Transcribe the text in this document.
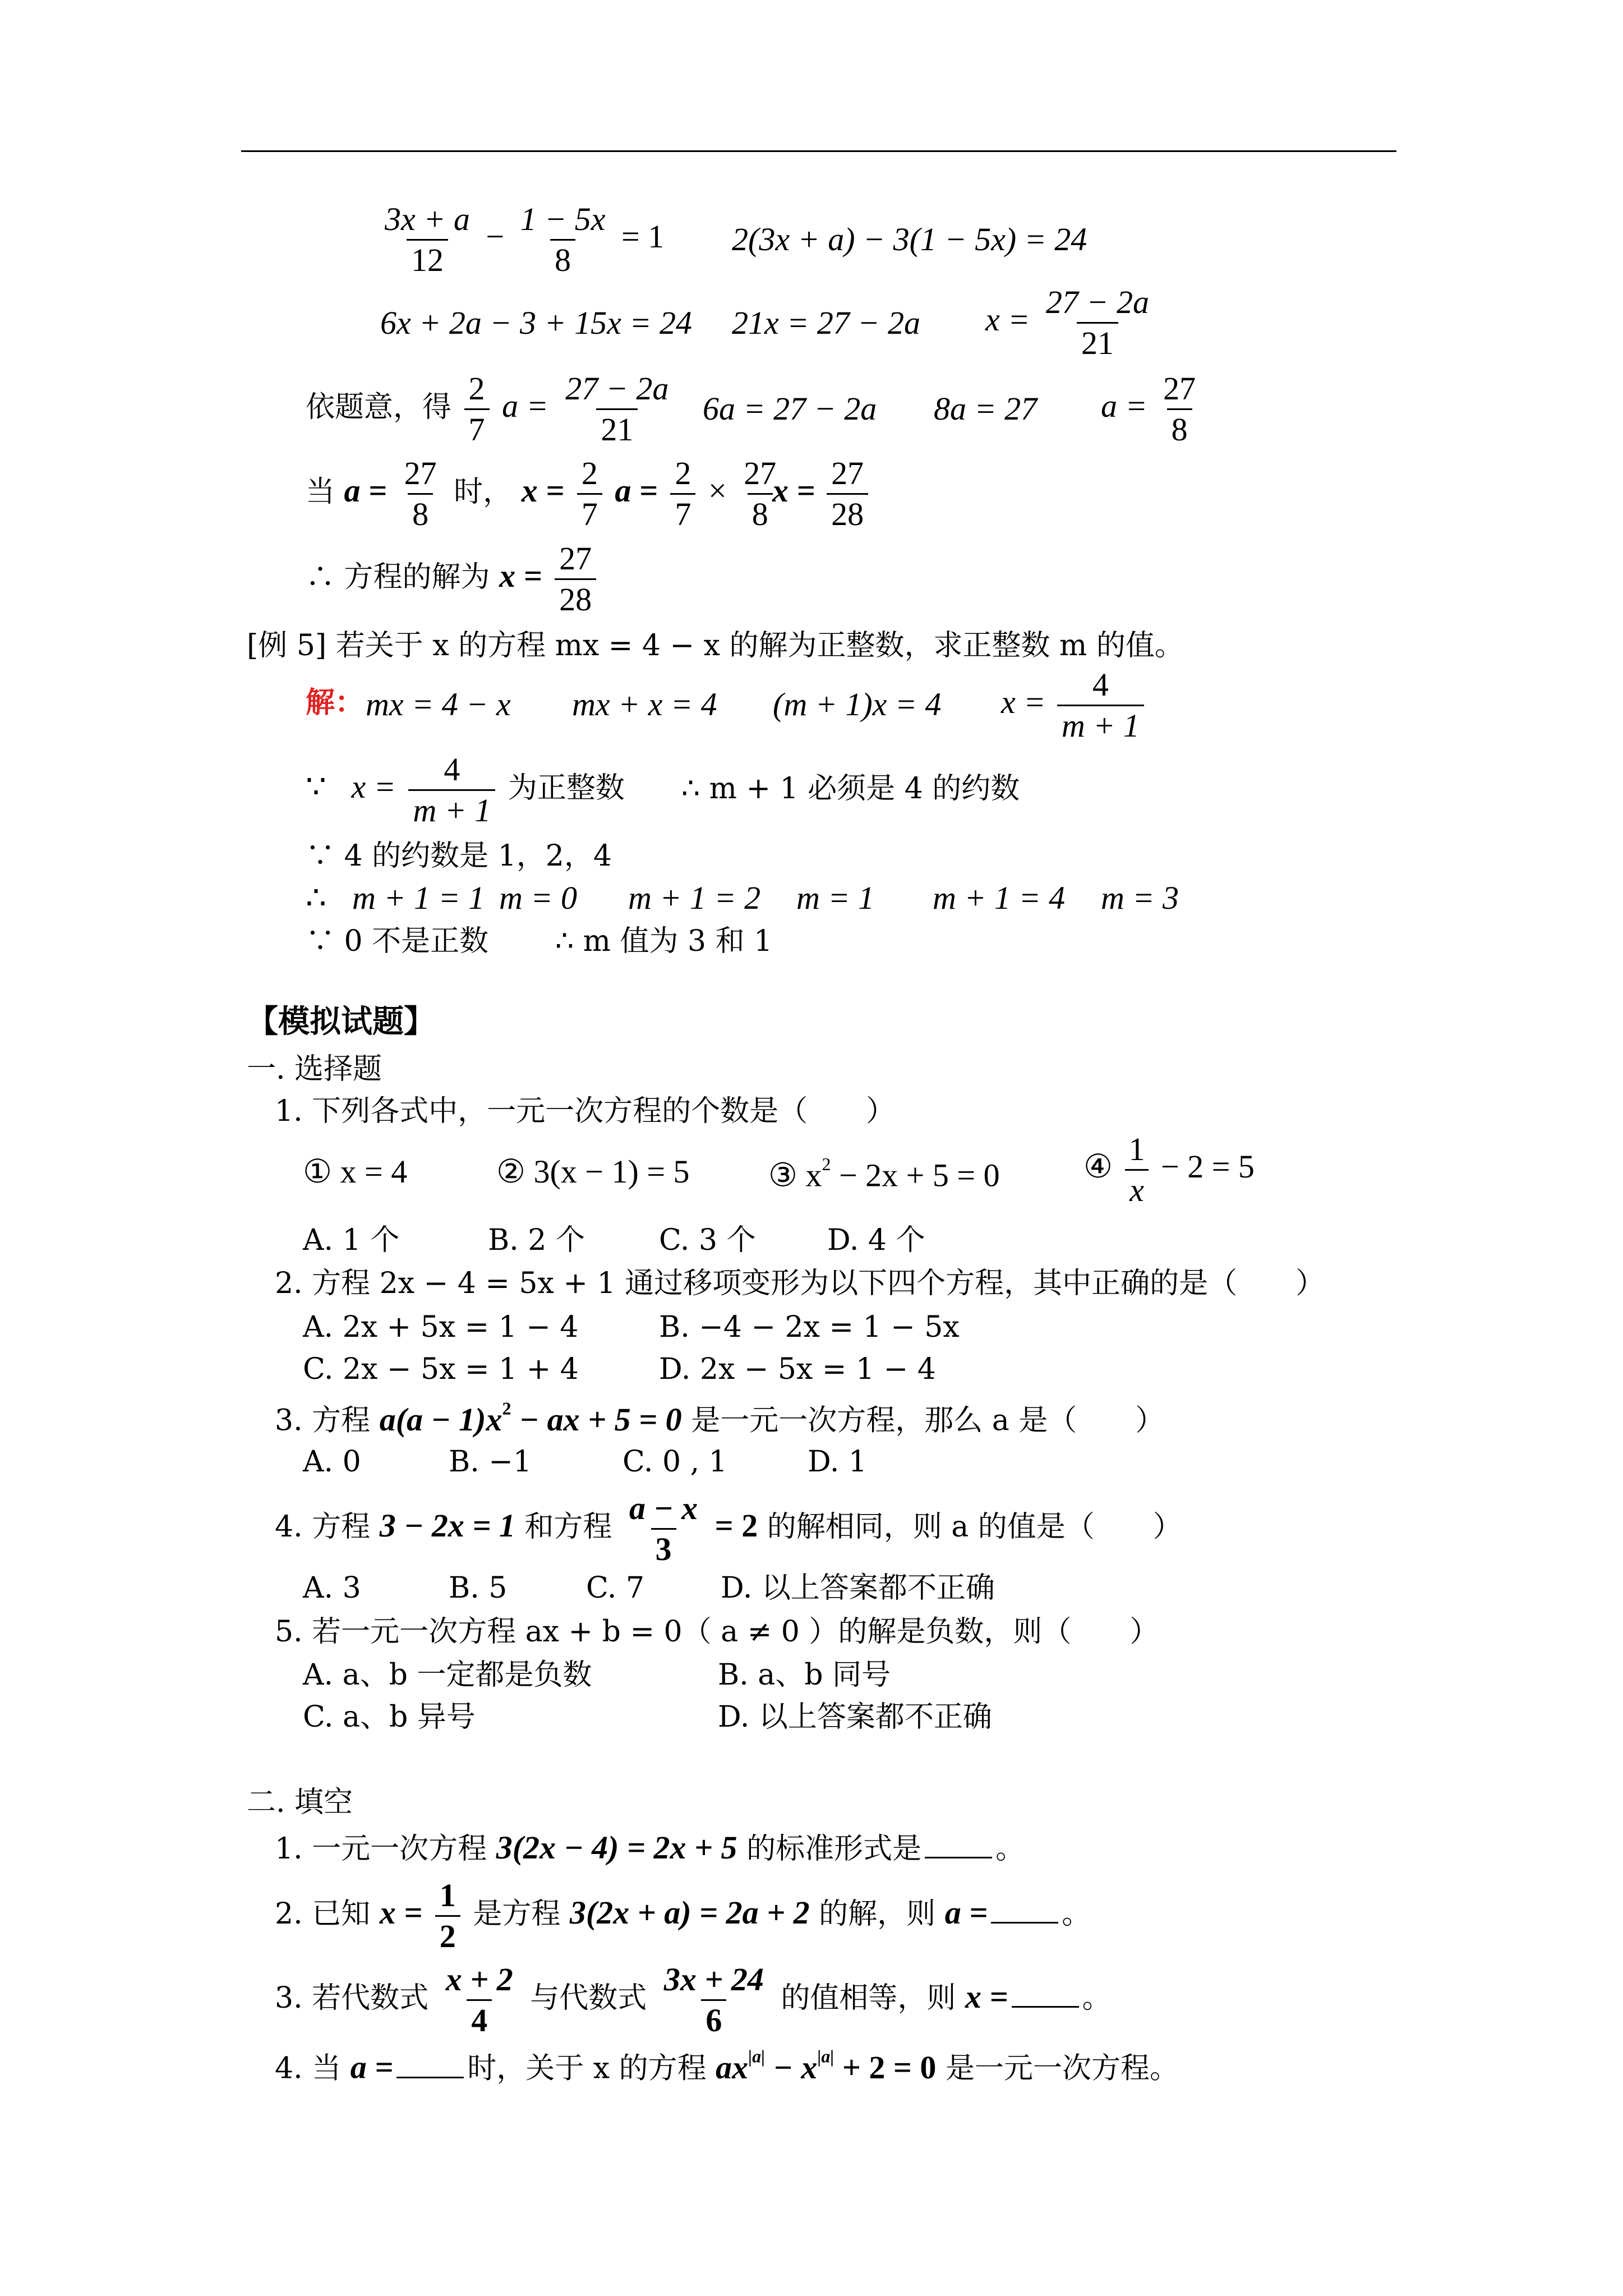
$\frac{3x + a}{12} - \frac{1 - 5x}{8} = 1$ 2(3x + a) − 3(1 − 5x) = 24
6x + 2a − 3 + 15x = 24 21x = 27 − 2a $x = \frac{27 - 2a}{21}$
依题意，得 $\frac{2}{7}$ $a = \frac{27 - 2a}{21} 6a = 27 - 2a$ 8a = 27 $a = \frac{27}{8}$
当 $a = \frac{27}{8}$ 时， $x = \frac{2}{7}$ $a = \frac{2}{7} \times \frac{27}{8}$
$x = \frac{27}{28}$
∴ 方程的解为 $x = \frac{27}{28}$
[例 5] 若关于 x 的方程 mx = 4 − x 的解为正整数，求正整数 m 的值。
解： mx = 4 − x mx + x = 4 (m + 1)x = 4 $x = \frac{4}{m + 1}$
∵ $x = \frac{4}{m + 1}$ 为正整数 ∴ m + 1 必须是 4 的约数
∵ 4 的约数是 1，2，4
∴ m + 1 = 1 m = 0 m + 1 = 2 m = 1 m + 1 = 4 m = 3
∵ 0 不是正数 ∴ m 值为 3 和 1
【模拟试题】
一. 选择题
1. 下列各式中，一元一次方程的个数是（　　）
① x = 4	② 3(x − 1) = 5 ③ $x^2 - 2x + 5 = 0$	④ $\frac{1}{x} - 2 = 5$
A. 1 个	B. 2 个	C. 3 个 D. 4 个
2. 方程 2x − 4 = 5x + 1 通过移项变形为以下四个方程，其中正确的是（　　）
A. 2x + 5x = 1 − 4	B. −4 − 2x = 1 − 5x
C. 2x − 5x = 1 + 4	D. 2x − 5x = 1 − 4
3. 方程 $a(a - 1)x^2$ − ax + 5 = 0 是一元一次方程，那么 a 是（　　）
A. 0	B. −1	C. 0 , 1	D. 1
4. 方程 3 − 2x = 1 和方程 $\frac{a - x}{3} = 2$ 的解相同，则 a 的值是（　　）
A. 3	B. 5	C. 7	D. 以上答案都不正确
5. 若一元一次方程 ax + b = 0（ a ≠ 0 ）的解是负数，则（　　）
A. a、b 一定都是负数	B. a、b 同号
C. a、b 异号	D. 以上答案都不正确
二. 填空
1. 一元一次方程 3(2x − 4) = 2x + 5 的标准形式是	。
2. 已知 $x = \frac{1}{2}$ 是方程 3(2x + a) = 2a + 2 的解，则 a =	。
3. 若代数式 $\frac{x + 2}{4}$ 与代数式 $\frac{3x + 24}{6}$ 的值相等，则 x =	。
4. 当 a =	时，关于 x 的方程 $ax^{|a|} - x^{|a|} + 2 = 0$ 是一元一次方程。
